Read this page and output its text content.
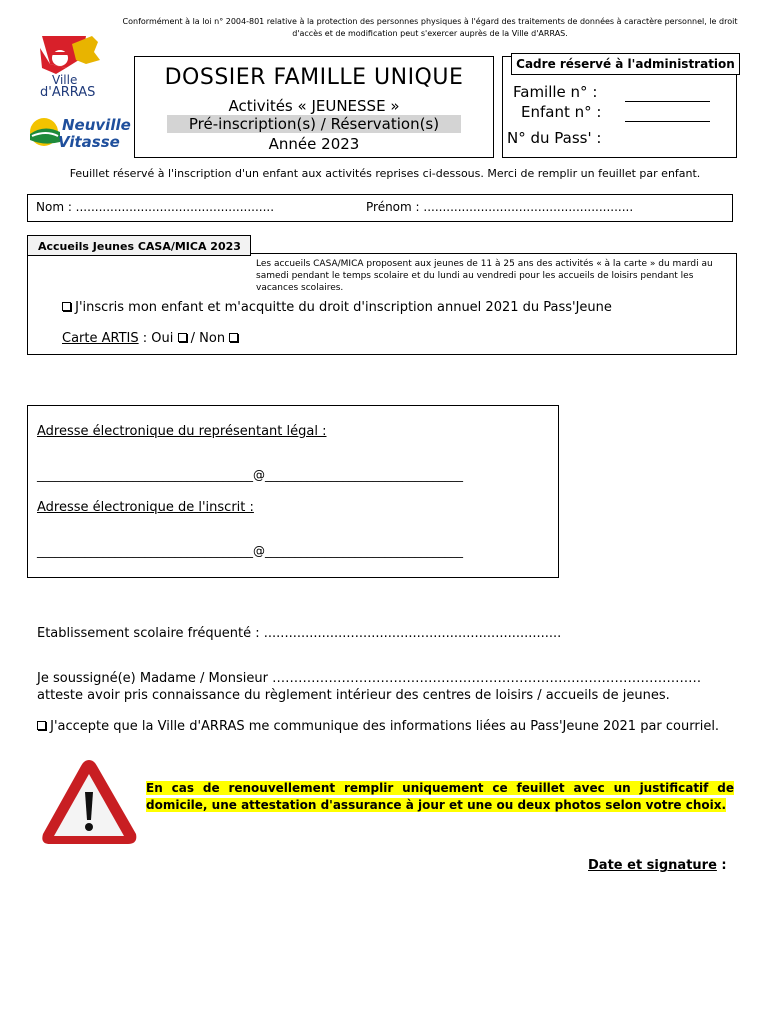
Conformément à la loi n° 2004-801 relative à la protection des personnes physiques à l'égard des traitements de données à caractère personnel, le droit d'accès et de modification peut s'exercer auprès de la Ville d'ARRAS.
Ville
d'ARRAS
Neuville
Vitasse
DOSSIER FAMILLE UNIQUE
Activités « JEUNESSE »
Pré-inscription(s) / Réservation(s)
Année 2023
Cadre réservé à l'administration
Famille n° :
Enfant n° :
N° du Pass' :
Feuillet réservé à l'inscription d'un enfant aux activités reprises ci-dessous. Merci de remplir un feuillet par enfant.
Nom : ....................................................	Prénom : .......................................................
Accueils Jeunes CASA/MICA 2023
Les accueils CASA/MICA proposent aux jeunes de 11 à 25 ans des activités « à la carte » du mardi au samedi pendant le temps scolaire et du lundi au vendredi pour les accueils de loisirs pendant les vacances scolaires.
J'inscris mon enfant et m'acquitte du droit d'inscription annuel 2021 du Pass'Jeune
Carte ARTIS : Oui  / Non
Adresse électronique du représentant légal :
____________________________________@_________________________________
Adresse électronique de l'inscrit :
____________________________________@_________________________________
Etablissement scolaire fréquenté : ........................................................................
Je soussigné(e) Madame / Monsieur ………………………………………………………………………………………
atteste avoir pris connaissance du règlement intérieur des centres de loisirs / accueils de jeunes.
J'accepte que la Ville d'ARRAS me communique des informations liées au Pass'Jeune 2021 par courriel.
En cas de renouvellement remplir uniquement ce feuillet avec un justificatif de
domicile, une attestation d'assurance à jour et une ou deux photos selon votre choix.
Date et signature :
